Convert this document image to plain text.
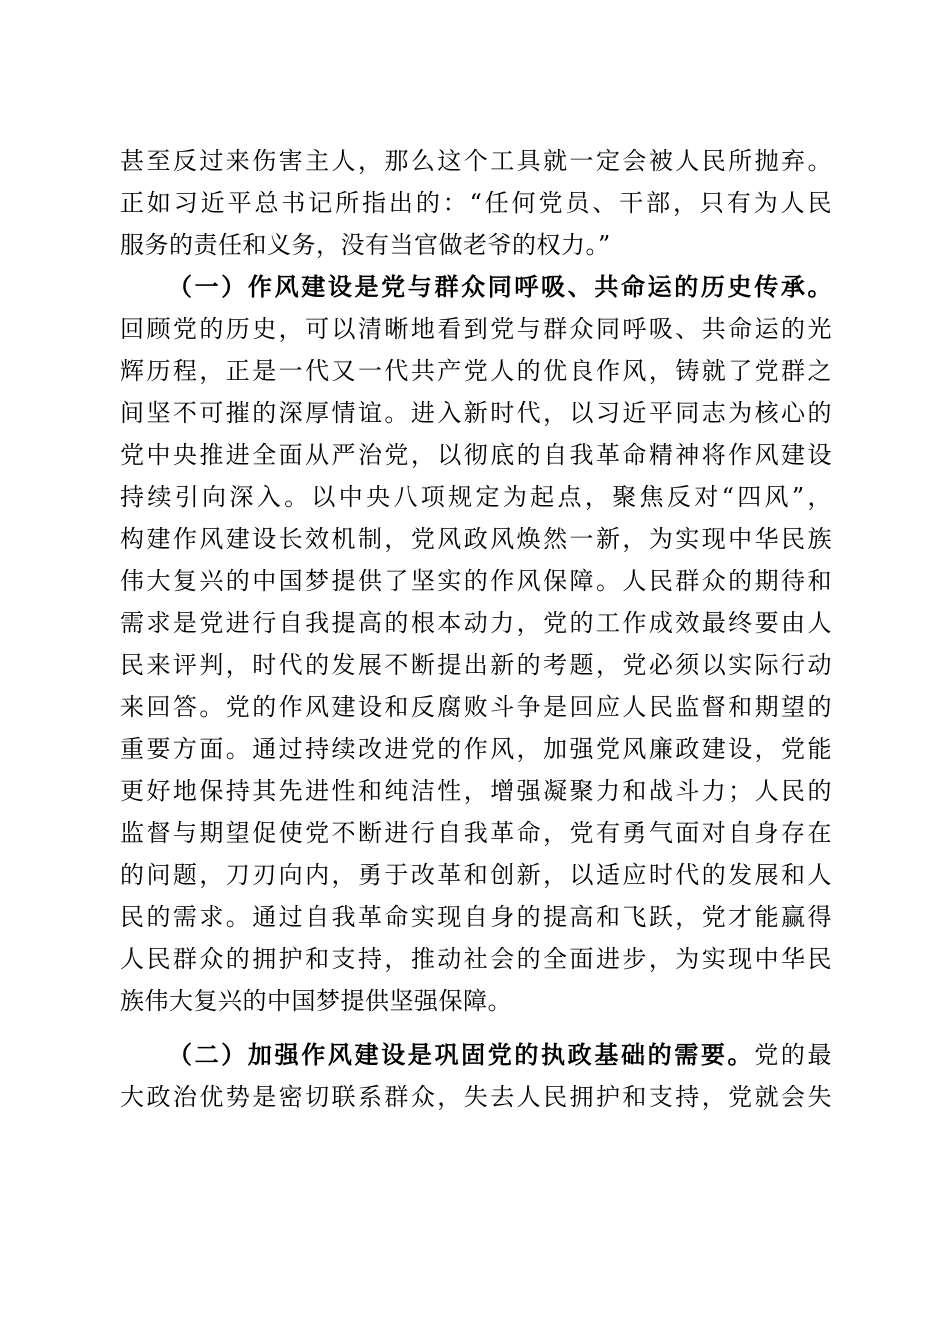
甚至反过来伤害主人，那么这个工具就一定会被人民所抛弃。
正如习近平总书记所指出的：“任何党员、干部，只有为人民
服务的责任和义务，没有当官做老爷的权力。”
（一）作风建设是党与群众同呼吸、共命运的历史传承。
回顾党的历史，可以清晰地看到党与群众同呼吸、共命运的光
辉历程，正是一代又一代共产党人的优良作风，铸就了党群之
间坚不可摧的深厚情谊。进入新时代，以习近平同志为核心的
党中央推进全面从严治党，以彻底的自我革命精神将作风建设
持续引向深入。以中央八项规定为起点，聚焦反对“四风”，
构建作风建设长效机制，党风政风焕然一新，为实现中华民族
伟大复兴的中国梦提供了坚实的作风保障。人民群众的期待和
需求是党进行自我提高的根本动力，党的工作成效最终要由人
民来评判，时代的发展不断提出新的考题，党必须以实际行动
来回答。党的作风建设和反腐败斗争是回应人民监督和期望的
重要方面。通过持续改进党的作风，加强党风廉政建设，党能
更好地保持其先进性和纯洁性，增强凝聚力和战斗力；人民的
监督与期望促使党不断进行自我革命，党有勇气面对自身存在
的问题，刀刃向内，勇于改革和创新，以适应时代的发展和人
民的需求。通过自我革命实现自身的提高和飞跃，党才能赢得
人民群众的拥护和支持，推动社会的全面进步，为实现中华民
族伟大复兴的中国梦提供坚强保障。
（二）加强作风建设是巩固党的执政基础的需要。党的最
大政治优势是密切联系群众，失去人民拥护和支持，党就会失
